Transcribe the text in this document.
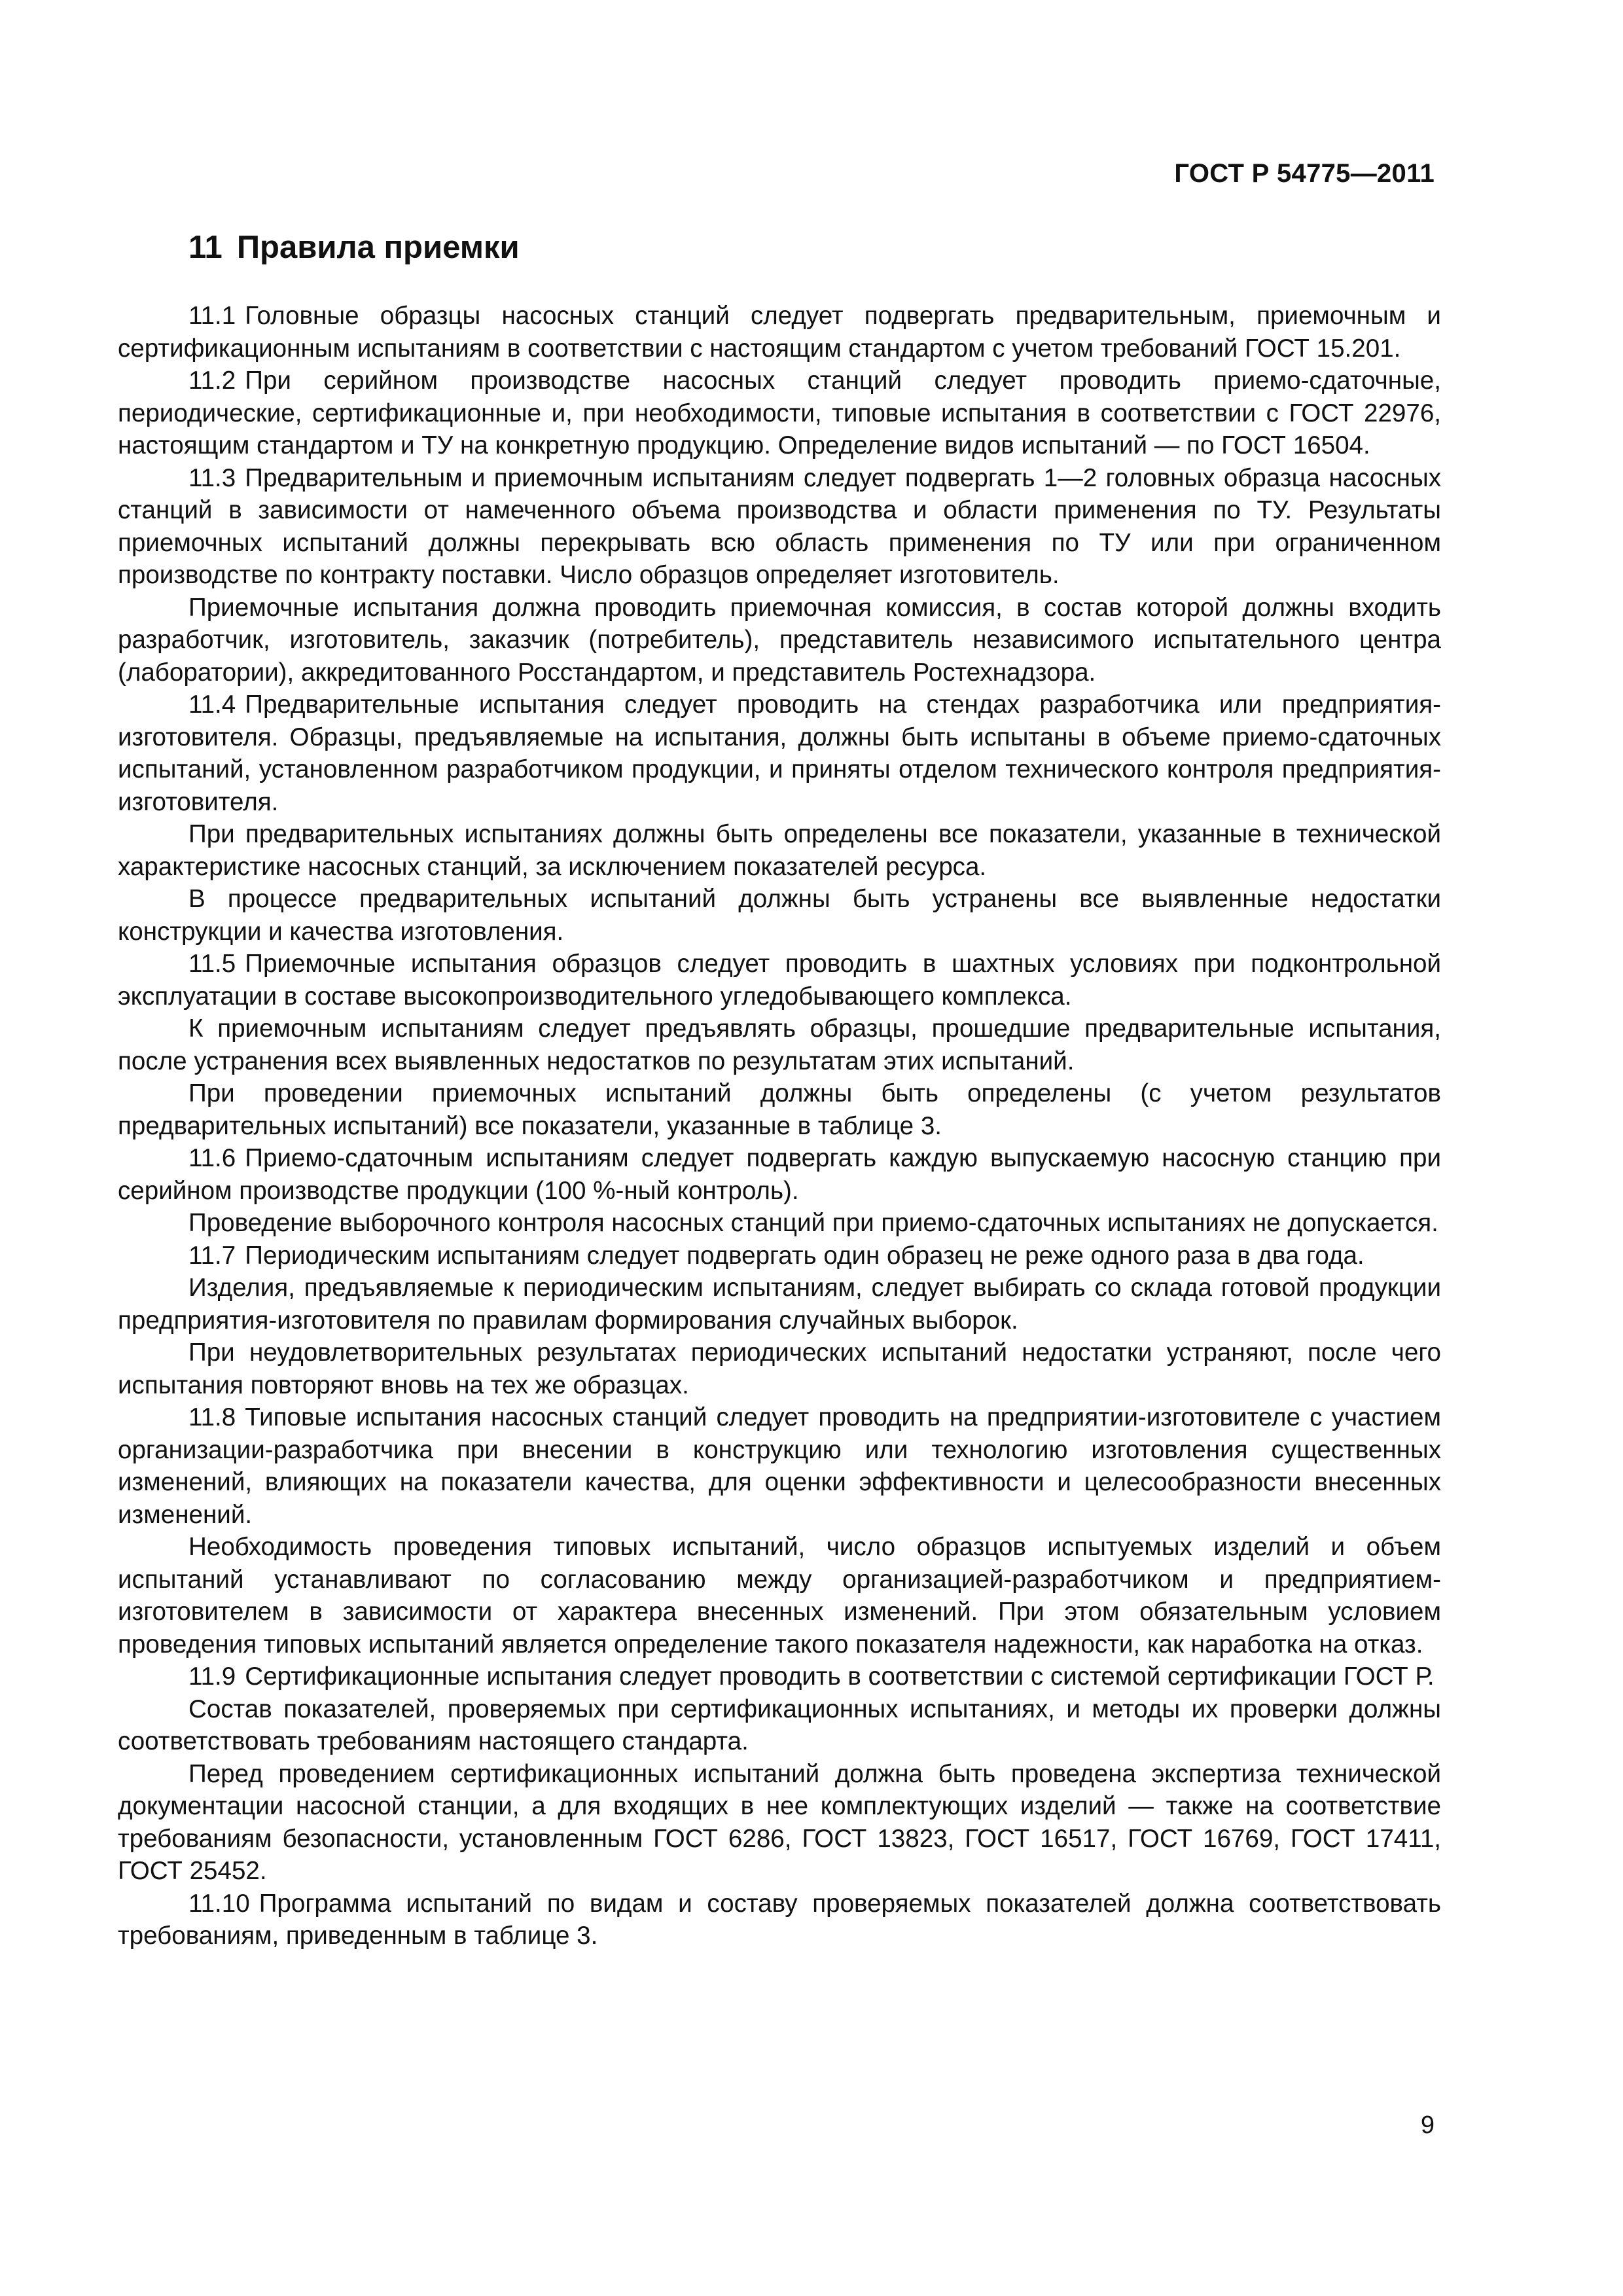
ГОСТ Р 54775—2011
11 Правила приемки

11.1 Головные образцы насосных станций следует подвергать предварительным, приемочным и сертификационным испытаниям в соответствии с настоящим стандартом с учетом требований ГОСТ 15.201.

11.2 При серийном производстве насосных станций следует проводить приемо-сдаточные, периодические, сертификационные и, при необходимости, типовые испытания в соответствии с ГОСТ 22976, настоящим стандартом и ТУ на конкретную продукцию. Определение видов испытаний — по ГОСТ 16504.

11.3 Предварительным и приемочным испытаниям следует подвергать 1—2 головных образца насосных станций в зависимости от намеченного объема производства и области применения по ТУ. Результаты приемочных испытаний должны перекрывать всю область применения по ТУ или при ограниченном производстве по контракту поставки. Число образцов определяет изготовитель.

Приемочные испытания должна проводить приемочная комиссия, в состав которой должны входить разработчик, изготовитель, заказчик (потребитель), представитель независимого испытательного центра (лаборатории), аккредитованного Росстандартом, и представитель Ростехнадзора.

11.4 Предварительные испытания следует проводить на стендах разработчика или предприятия-изготовителя. Образцы, предъявляемые на испытания, должны быть испытаны в объеме приемо-сдаточных испытаний, установленном разработчиком продукции, и приняты отделом технического контроля предприятия-изготовителя.

При предварительных испытаниях должны быть определены все показатели, указанные в технической характеристике насосных станций, за исключением показателей ресурса.

В процессе предварительных испытаний должны быть устранены все выявленные недостатки конструкции и качества изготовления.

11.5 Приемочные испытания образцов следует проводить в шахтных условиях при подконтрольной эксплуатации в составе высокопроизводительного угледобывающего комплекса.

К приемочным испытаниям следует предъявлять образцы, прошедшие предварительные испытания, после устранения всех выявленных недостатков по результатам этих испытаний.

При проведении приемочных испытаний должны быть определены (с учетом результатов предварительных испытаний) все показатели, указанные в таблице 3.

11.6 Приемо-сдаточным испытаниям следует подвергать каждую выпускаемую насосную станцию при серийном производстве продукции (100 %-ный контроль).

Проведение выборочного контроля насосных станций при приемо-сдаточных испытаниях не допускается.

11.7 Периодическим испытаниям следует подвергать один образец не реже одного раза в два года.

Изделия, предъявляемые к периодическим испытаниям, следует выбирать со склада готовой продукции предприятия-изготовителя по правилам формирования случайных выборок.

При неудовлетворительных результатах периодических испытаний недостатки устраняют, после чего испытания повторяют вновь на тех же образцах.

11.8 Типовые испытания насосных станций следует проводить на предприятии-изготовителе с участием организации-разработчика при внесении в конструкцию или технологию изготовления существенных изменений, влияющих на показатели качества, для оценки эффективности и целесообразности внесенных изменений.

Необходимость проведения типовых испытаний, число образцов испытуемых изделий и объем испытаний устанавливают по согласованию между организацией-разработчиком и предприятием-изготовителем в зависимости от характера внесенных изменений. При этом обязательным условием проведения типовых испытаний является определение такого показателя надежности, как наработка на отказ.

11.9 Сертификационные испытания следует проводить в соответствии с системой сертификации ГОСТ Р.

Состав показателей, проверяемых при сертификационных испытаниях, и методы их проверки должны соответствовать требованиям настоящего стандарта.

Перед проведением сертификационных испытаний должна быть проведена экспертиза технической документации насосной станции, а для входящих в нее комплектующих изделий — также на соответствие требованиям безопасности, установленным ГОСТ 6286, ГОСТ 13823, ГОСТ 16517, ГОСТ 16769, ГОСТ 17411, ГОСТ 25452.

11.10 Программа испытаний по видам и составу проверяемых показателей должна соответствовать требованиям, приведенным в таблице 3.

9
